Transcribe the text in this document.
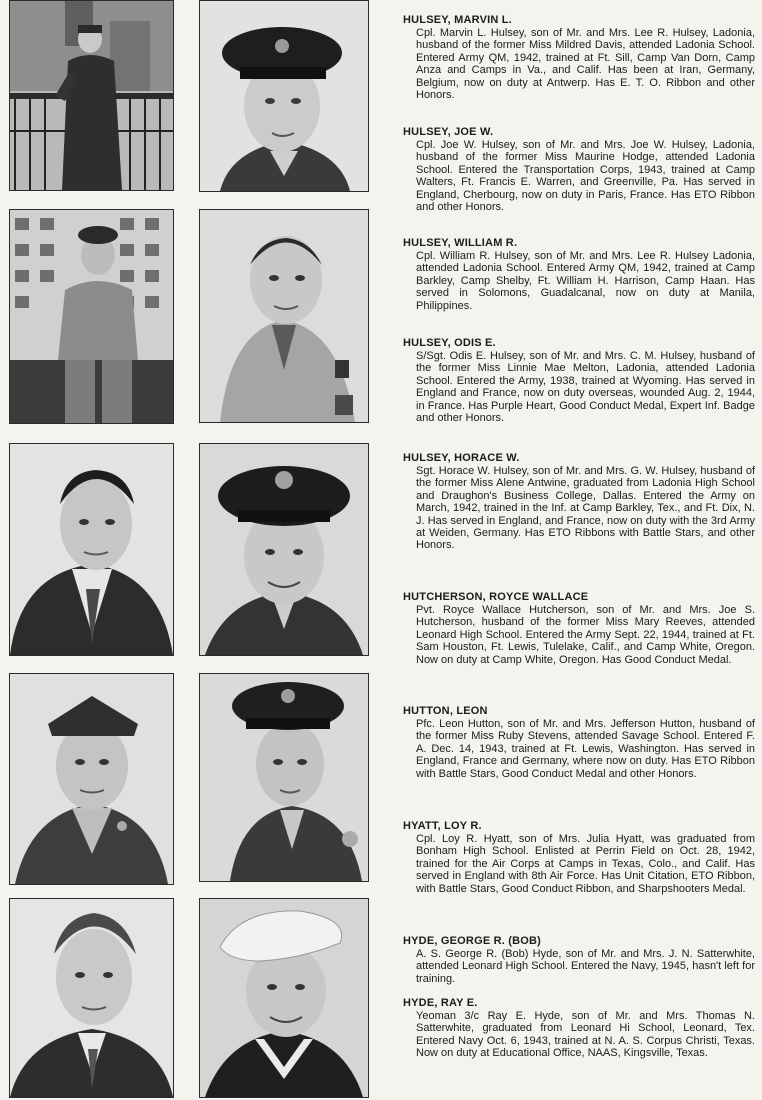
HULSEY, MARVIN L.
Cpl. Marvin L. Hulsey, son of Mr. and Mrs. Lee R. Hulsey, Ladonia, husband of the former Miss Mildred Davis, attended Ladonia School. Entered Army QM, 1942, trained at Ft. Sill, Camp Van Dorn, Camp Anza and Camps in Va., and Calif. Has been at Iran, Germany, Belgium, now on duty at Antwerp. Has E. T. O. Ribbon and other Honors.
HULSEY, JOE W.
Cpl. Joe W. Hulsey, son of Mr. and Mrs. Joe W. Hulsey, Ladonia, husband of the former Miss Maurine Hodge, attended Ladonia School. Entered the Transportation Corps, 1943, trained at Camp Walters, Ft. Francis E. Warren, and Greenville, Pa. Has served in England, Cherbourg, now on duty in Paris, France. Has ETO Ribbon and other Honors.
HULSEY, WILLIAM R.
Cpl. William R. Hulsey, son of Mr. and Mrs. Lee R. Hulsey Ladonia, attended Ladonia School. Entered Army QM, 1942, trained at Camp Barkley, Camp Shelby, Ft. William H. Harrison, Camp Haan. Has served in Solomons, Guadalcanal, now on duty at Manila, Philippines.
HULSEY, ODIS E.
S/Sgt. Odis E. Hulsey, son of Mr. and Mrs. C. M. Hulsey, husband of the former Miss Linnie Mae Melton, Ladonia, attended Ladonia School. Entered the Army, 1938, trained at Wyoming. Has served in England and France, now on duty overseas, wounded Aug. 2, 1944, in France. Has Purple Heart, Good Conduct Medal, Expert Inf. Badge and other Honors.
HULSEY, HORACE W.
Sgt. Horace W. Hulsey, son of Mr. and Mrs. G. W. Hulsey, husband of the former Miss Alene Antwine, graduated from Ladonia High School and Draughon's Business College, Dallas. Entered the Army on March, 1942, trained in the Inf. at Camp Barkley, Tex., and Ft. Dix, N. J. Has served in England, and France, now on duty with the 3rd Army at Weiden, Germany. Has ETO Ribbons with Battle Stars, and other Honors.
HUTCHERSON, ROYCE WALLACE
Pvt. Royce Wallace Hutcherson, son of Mr. and Mrs. Joe S. Hutcherson, husband of the former Miss Mary Reeves, attended Leonard High School. Entered the Army Sept. 22, 1944, trained at Ft. Sam Houston, Ft. Lewis, Tulelake, Calif., and Camp White, Oregon. Now on duty at Camp White, Oregon. Has Good Conduct Medal.
HUTTON, LEON
Pfc. Leon Hutton, son of Mr. and Mrs. Jefferson Hutton, husband of the former Miss Ruby Stevens, attended Savage School. Entered F. A. Dec. 14, 1943, trained at Ft. Lewis, Washington. Has served in England, France and Germany, where now on duty. Has ETO Ribbon with Battle Stars, Good Conduct Medal and other Honors.
HYATT, LOY R.
Cpl. Loy R. Hyatt, son of Mrs. Julia Hyatt, was graduated from Bonham High School. Enlisted at Perrin Field on Oct. 28, 1942, trained for the Air Corps at Camps in Texas, Colo., and Calif. Has served in England with 8th Air Force. Has Unit Citation, ETO Ribbon, with Battle Stars, Good Conduct Ribbon, and Sharpshooters Medal.
HYDE, GEORGE R. (BOB)
A. S. George R. (Bob) Hyde, son of Mr. and Mrs. J. N. Satterwhite, attended Leonard High School. Entered the Navy, 1945, hasn't left for training.
HYDE, RAY E.
Yeoman 3/c Ray E. Hyde, son of Mr. and Mrs. Thomas N. Satterwhite, graduated from Leonard Hi School, Leonard, Tex. Entered Navy Oct. 6, 1943, trained at N. A. S. Corpus Christi, Texas. Now on duty at Educational Office, NAAS, Kingsville, Texas.
